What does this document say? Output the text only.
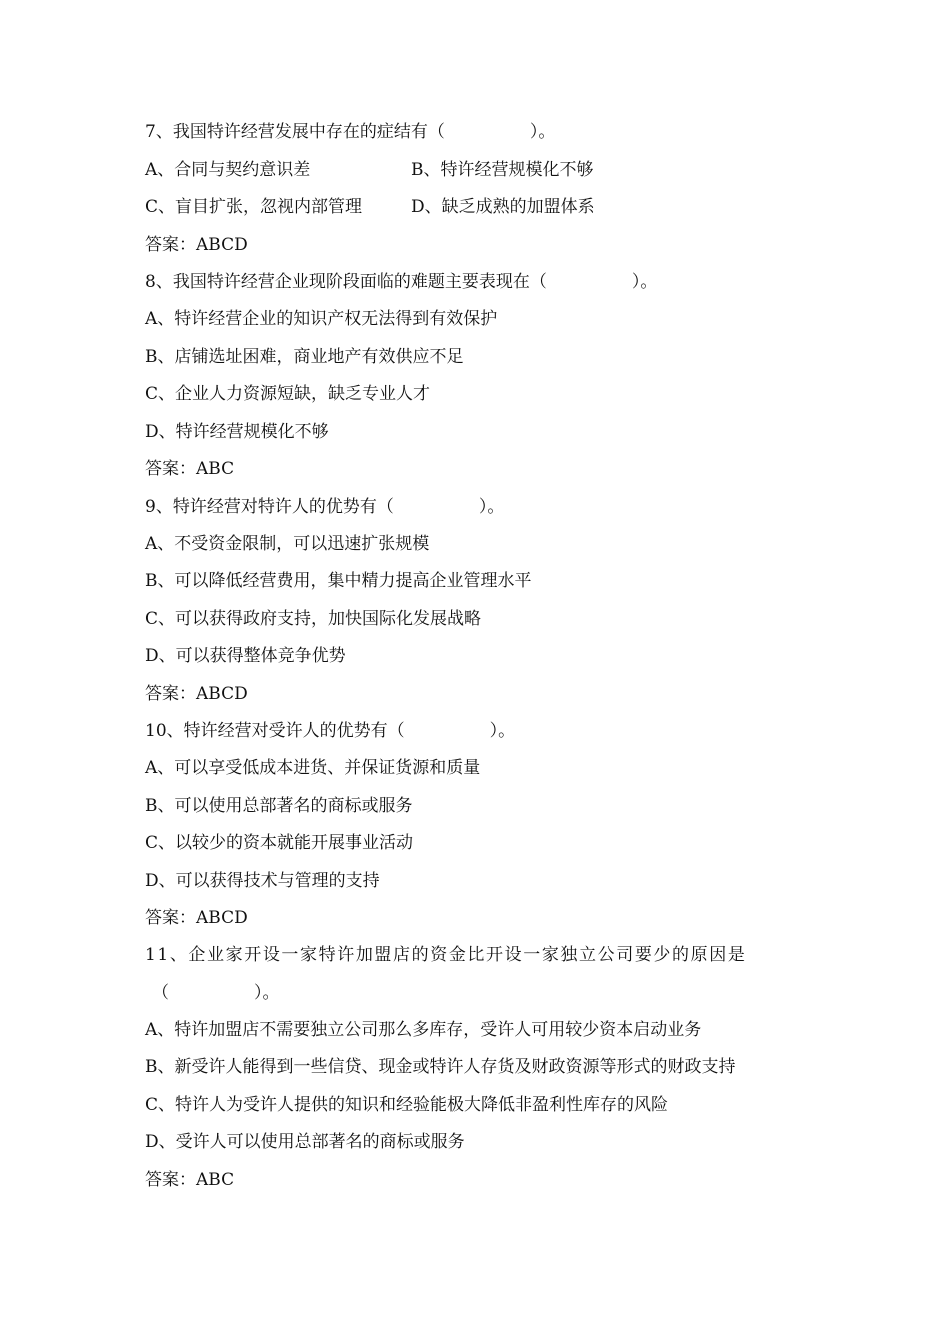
7、我国特许经营发展中存在的症结有（　　　　　）。
A、合同与契约意识差	B、特许经营规模化不够
C、盲目扩张，忽视内部管理	D、缺乏成熟的加盟体系
答案：ABCD
8、我国特许经营企业现阶段面临的难题主要表现在（　　　　　）。
A、特许经营企业的知识产权无法得到有效保护
B、店铺选址困难，商业地产有效供应不足
C、企业人力资源短缺，缺乏专业人才
D、特许经营规模化不够
答案：ABC
9、特许经营对特许人的优势有（　　　　　）。
A、不受资金限制，可以迅速扩张规模
B、可以降低经营费用，集中精力提高企业管理水平
C、可以获得政府支持，加快国际化发展战略
D、可以获得整体竞争优势
答案：ABCD
10、特许经营对受许人的优势有（　　　　　）。
A、可以享受低成本进货、并保证货源和质量
B、可以使用总部著名的商标或服务
C、以较少的资本就能开展事业活动
D、可以获得技术与管理的支持
答案：ABCD
11、企业家开设一家特许加盟店的资金比开设一家独立公司要少的原因是
（　　　　　）。
A、特许加盟店不需要独立公司那么多库存，受许人可用较少资本启动业务
B、新受许人能得到一些信贷、现金或特许人存货及财政资源等形式的财政支持
C、特许人为受许人提供的知识和经验能极大降低非盈利性库存的风险
D、受许人可以使用总部著名的商标或服务
答案：ABC
